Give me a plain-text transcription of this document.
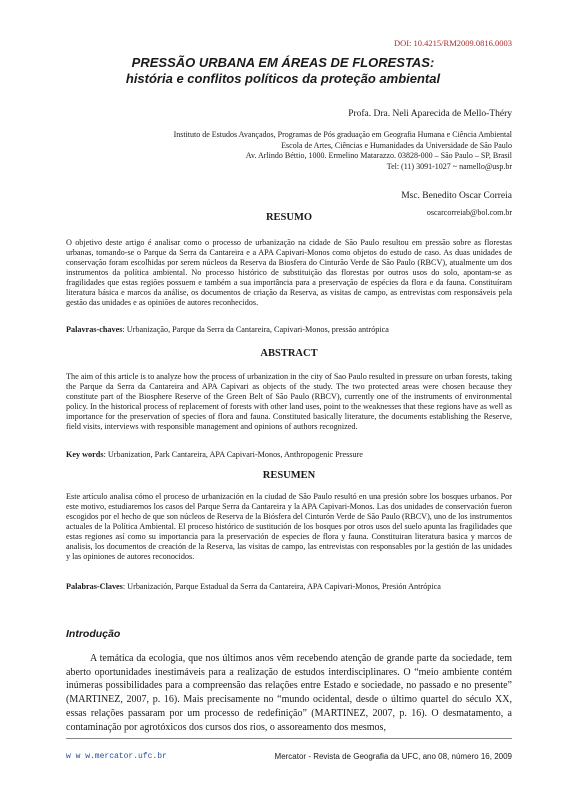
DOI: 10.4215/RM2009.0816.0003
PRESSÃO URBANA EM ÁREAS DE FLORESTAS:
história e conflitos políticos da proteção ambiental
Profa. Dra. Neli Aparecida de Mello-Théry
Instituto de Estudos Avançados, Programas de Pós graduação em Geografia Humana e Ciência Ambiental
Escola de Artes, Ciências e Humanidades da Universidade de São Paulo
Av. Arlindo Béttio, 1000. Ermelino Matarazzo. 03828-000 – São Paulo – SP, Brasil
Tel: (11) 3091-1027 ~ namello@usp.br
Msc. Benedito Oscar Correia
oscarcorreiab@bol.com.br
RESUMO
O objetivo deste artigo é analisar como o processo de urbanização na cidade de São Paulo resultou em pressão sobre as florestas urbanas, tomando-se o Parque da Serra da Cantareira e a APA Capivari-Monos como objetos do estudo de caso. As duas unidades de conservação foram escolhidas por serem núcleos da Reserva da Biosfera do Cinturão Verde de São Paulo (RBCV), atualmente um dos instrumentos da política ambiental. No processo histórico de substituição das florestas por outros usos do solo, apontam-se as fragilidades que estas regiões possuem e também a sua importância para a preservação de espécies da flora e da fauna. Constituíram literatura básica e marcos da análise, os documentos de criação da Reserva, as visitas de campo, as entrevistas com responsáveis pela gestão das unidades e as opiniões de autores reconhecidos.
Palavras-chaves: Urbanização, Parque da Serra da Cantareira, Capivari-Monos, pressão antrópica
ABSTRACT
The aim of this article is to analyze how the process of urbanization in the city of Sao Paulo resulted in pressure on urban forests, taking the Parque da Serra da Cantareira and APA Capivari as objects of the study. The two protected areas were chosen because they constitute part of the Biosphere Reserve of the Green Belt of São Paulo (RBCV), currently one of the instruments of environmental policy. In the historical process of replacement of forests with other land uses, point to the weaknesses that these regions have as well as importance for the preservation of species of flora and fauna. Constituted basically literature, the documents establishing the Reserve, field visits, interviews with responsible management and opinions of authors recognized.
Key words: Urbanization, Park Cantareira, APA Capivari-Monos, Anthropogenic Pressure
RESUMEN
Este artículo analisa cómo el proceso de urbanización en la ciudad de São Paulo resultó en una presión sobre los bosques urbanos. Por este motivo, estudiaremos los casos del Parque Serra da Cantareira y la APA Capivari-Monos. Las dos unidades de conservación fueron escogidos por el hecho de que son núcleos de Reserva de la Biósfera del Cinturón Verde de São Paulo (RBCV), uno de los instrumentos actuales de la Política Ambiental. El proceso histórico de sustitución de los bosques por otros usos del suelo apunta las fragilidades que estas regiones así como su importancia para la preservación de especies de flora y fauna. Constituiran literatura basica y marcos de analisis, los documentos de creación de la Reserva, las visitas de campo, las entrevistas con responsables por la gestión de las unidades y las opiniones de autores reconocidos.
Palabras-Claves: Urbanización, Parque Estadual da Serra da Cantareira, APA Capivari-Monos, Presión Antrópica
Introdução
A temática da ecologia, que nos últimos anos vêm recebendo atenção de grande parte da sociedade, tem aberto oportunidades inestimáveis para a realização de estudos interdisciplinares. O “meio ambiente contém inúmeras possibilidades para a compreensão das relações entre Estado e sociedade, no passado e no presente” (MARTINEZ, 2007, p. 16). Mais precisamente no “mundo ocidental, desde o último quartel do século XX, essas relações passaram por um processo de redefinição” (MARTINEZ, 2007, p. 16). O desmatamento, a contaminação por agrotóxicos dos cursos dos rios, o assoreamento dos mesmos,
w w w.mercator.ufc.br	Mercator - Revista de Geografia da UFC, ano 08, número 16, 2009
